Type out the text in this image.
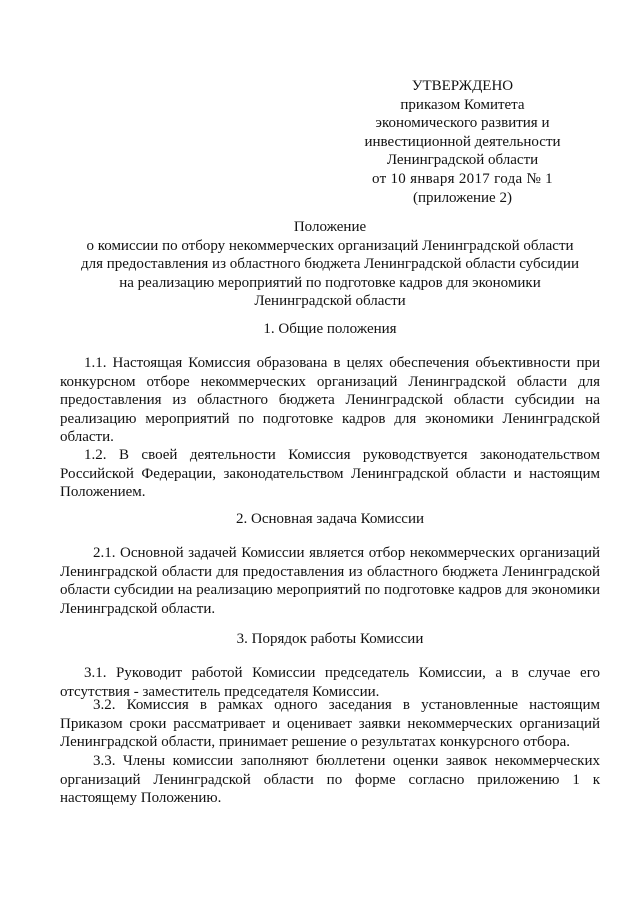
УТВЕРЖДЕНО

приказом Комитета

экономического развития и

инвестиционной деятельности

Ленинградской области

от 10 января 2017 года № 1

(приложение 2)

Положение

о комиссии по отбору некоммерческих организаций Ленинградской области

для предоставления из областного бюджета Ленинградской области субсидии

на реализацию мероприятий по подготовке кадров для экономики

Ленинградской области

1. Общие положения

1.1. Настоящая Комиссия образована в целях обеспечения объективности при конкурсном отборе некоммерческих организаций Ленинградской области для предоставления из областного бюджета Ленинградской области субсидии на реализацию мероприятий по подготовке кадров для экономики Ленинградской области.

1.2. В своей деятельности Комиссия руководствуется законодательством Российской Федерации, законодательством Ленинградской области и настоящим Положением.

2. Основная задача Комиссии

2.1. Основной задачей Комиссии является отбор некоммерческих организаций Ленинградской области для предоставления из областного бюджета Ленинградской области субсидии на реализацию мероприятий по подготовке кадров для экономики Ленинградской области.

3. Порядок работы Комиссии

3.1. Руководит работой Комиссии председатель Комиссии, а в случае его отсутствия - заместитель председателя Комиссии.

3.2. Комиссия в рамках одного заседания в установленные настоящим Приказом сроки рассматривает и оценивает заявки некоммерческих организаций Ленинградской области, принимает решение о результатах конкурсного отбора.

3.3. Члены комиссии заполняют бюллетени оценки заявок некоммерческих организаций Ленинградской области по форме согласно приложению 1 к настоящему Положению.
